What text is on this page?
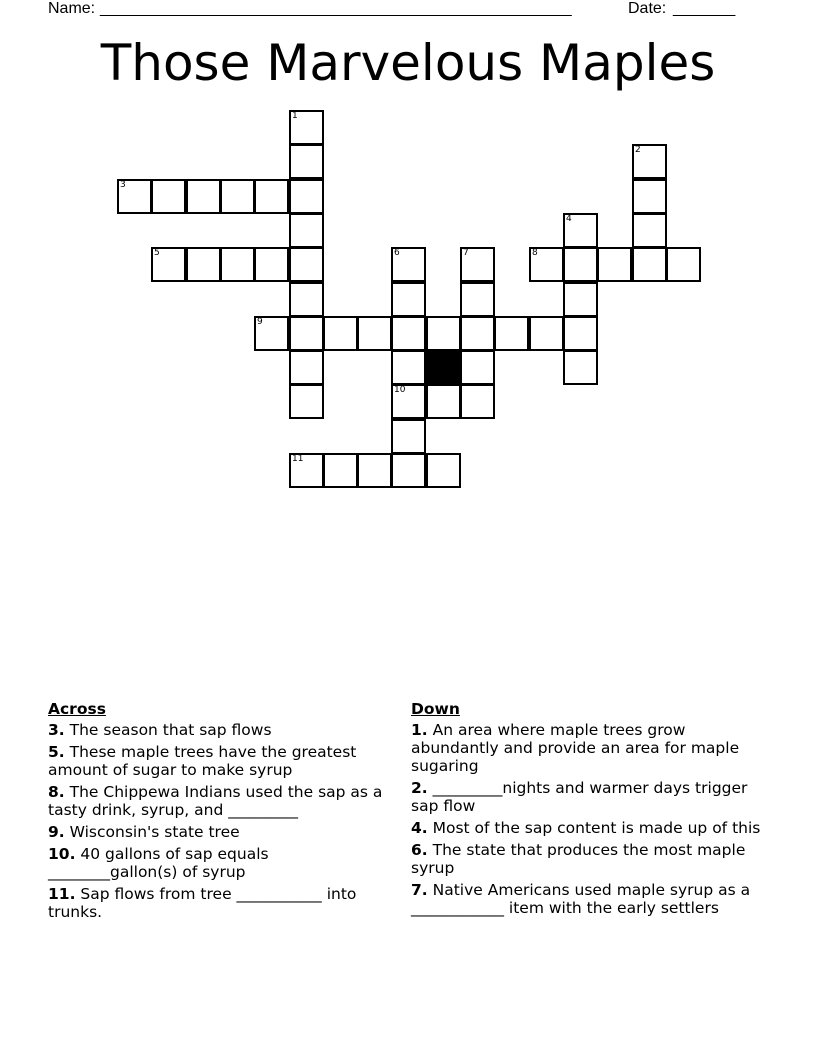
Name: _____________________________________________________	Date: _______
Those Marvelous Maples
1
2
3
4
5	6	7	8
9
10
11
Across
3. The season that sap flows
5. These maple trees have the greatest amount of sugar to make syrup
8. The Chippewa Indians used the sap as a tasty drink, syrup, and _________
9. Wisconsin's state tree
10. 40 gallons of sap equals ________gallon(s) of syrup
11. Sap flows from tree ___________ into trunks.
Down
1. An area where maple trees grow abundantly and provide an area for maple sugaring
2. _________nights and warmer days trigger sap flow
4. Most of the sap content is made up of this
6. The state that produces the most maple syrup
7. Native Americans used maple syrup as a ____________ item with the early settlers
